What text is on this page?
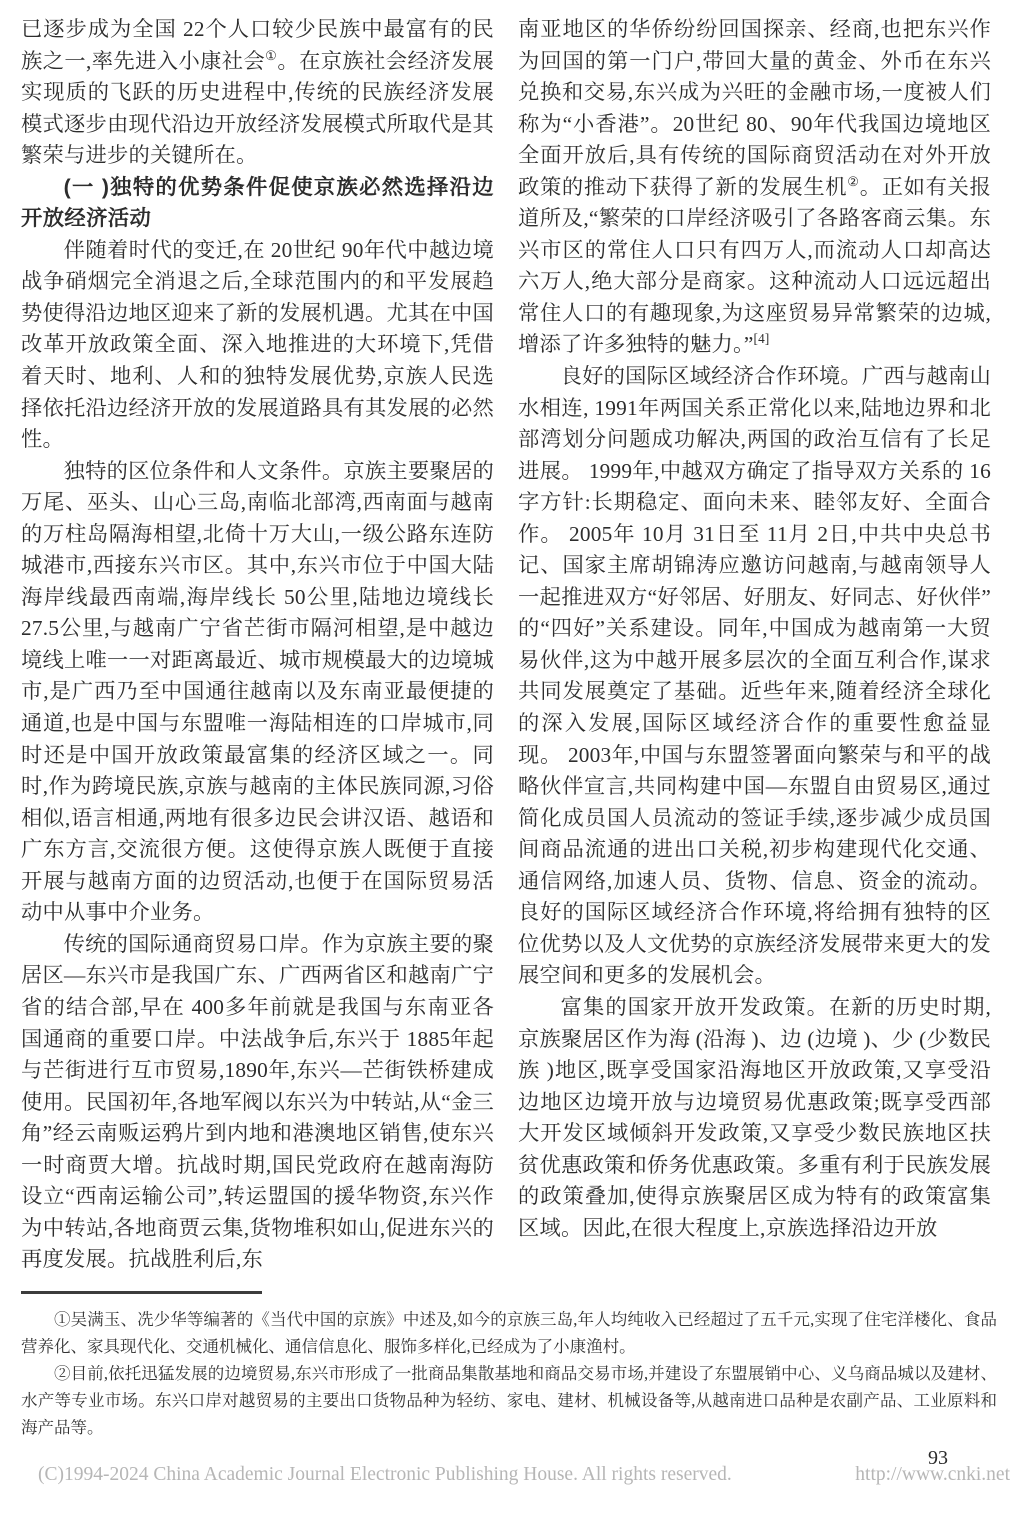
已逐步成为全国 22个人口较少民族中最富有的民族之一,率先进入小康社会①。在京族社会经济发展实现质的飞跃的历史进程中,传统的民族经济发展模式逐步由现代沿边开放经济发展模式所取代是其繁荣与进步的关键所在。

(一 )独特的优势条件促使京族必然选择沿边开放经济活动

伴随着时代的变迁,在 20世纪 90年代中越边境战争硝烟完全消退之后,全球范围内的和平发展趋势使得沿边地区迎来了新的发展机遇。尤其在中国改革开放政策全面、深入地推进的大环境下,凭借着天时、地利、人和的独特发展优势,京族人民选择依托沿边经济开放的发展道路具有其发展的必然性。

独特的区位条件和人文条件。京族主要聚居的万尾、巫头、山心三岛,南临北部湾,西南面与越南的万柱岛隔海相望,北倚十万大山,一级公路东连防城港市,西接东兴市区。其中,东兴市位于中国大陆海岸线最西南端,海岸线长 50公里,陆地边境线长 27.5公里,与越南广宁省芒街市隔河相望,是中越边境线上唯一一对距离最近、城市规模最大的边境城市,是广西乃至中国通往越南以及东南亚最便捷的通道,也是中国与东盟唯一海陆相连的口岸城市,同时还是中国开放政策最富集的经济区域之一。同时,作为跨境民族,京族与越南的主体民族同源,习俗相似,语言相通,两地有很多边民会讲汉语、越语和广东方言,交流很方便。这使得京族人既便于直接开展与越南方面的边贸活动,也便于在国际贸易活动中从事中介业务。

传统的国际通商贸易口岸。作为京族主要的聚居区—东兴市是我国广东、广西两省区和越南广宁省的结合部,早在 400多年前就是我国与东南亚各国通商的重要口岸。中法战争后,东兴于 1885年起与芒街进行互市贸易,1890年,东兴—芒街铁桥建成使用。民国初年,各地军阀以东兴为中转站,从“金三角”经云南贩运鸦片到内地和港澳地区销售,使东兴一时商贾大增。抗战时期,国民党政府在越南海防设立“西南运输公司”,转运盟国的援华物资,东兴作为中转站,各地商贾云集,货物堆积如山,促进东兴的再度发展。抗战胜利后,东

南亚地区的华侨纷纷回国探亲、经商,也把东兴作为回国的第一门户,带回大量的黄金、外币在东兴兑换和交易,东兴成为兴旺的金融市场,一度被人们称为“小香港”。20世纪 80、90年代我国边境地区全面开放后,具有传统的国际商贸活动在对外开放政策的推动下获得了新的发展生机②。正如有关报道所及,“繁荣的口岸经济吸引了各路客商云集。东兴市区的常住人口只有四万人,而流动人口却高达六万人,绝大部分是商家。这种流动人口远远超出常住人口的有趣现象,为这座贸易异常繁荣的边城,增添了许多独特的魅力。”[4]

良好的国际区域经济合作环境。广西与越南山水相连, 1991年两国关系正常化以来,陆地边界和北部湾划分问题成功解决,两国的政治互信有了长足进展。 1999年,中越双方确定了指导双方关系的 16字方针:长期稳定、面向未来、睦邻友好、全面合作。 2005年 10月 31日至 11月 2日,中共中央总书记、国家主席胡锦涛应邀访问越南,与越南领导人一起推进双方“好邻居、好朋友、好同志、好伙伴”的“四好”关系建设。同年,中国成为越南第一大贸易伙伴,这为中越开展多层次的全面互利合作,谋求共同发展奠定了基础。近些年来,随着经济全球化的深入发展,国际区域经济合作的重要性愈益显现。 2003年,中国与东盟签署面向繁荣与和平的战略伙伴宣言,共同构建中国—东盟自由贸易区,通过简化成员国人员流动的签证手续,逐步减少成员国间商品流通的进出口关税,初步构建现代化交通、通信网络,加速人员、货物、信息、资金的流动。良好的国际区域经济合作环境,将给拥有独特的区位优势以及人文优势的京族经济发展带来更大的发展空间和更多的发展机会。

富集的国家开放开发政策。在新的历史时期,京族聚居区作为海 (沿海 )、边 (边境 )、少 (少数民族 )地区,既享受国家沿海地区开放政策,又享受沿边地区边境开放与边境贸易优惠政策;既享受西部大开发区域倾斜开发政策,又享受少数民族地区扶贫优惠政策和侨务优惠政策。多重有利于民族发展的政策叠加,使得京族聚居区成为特有的政策富集区域。因此,在很大程度上,京族选择沿边开放

①吴满玉、冼少华等编著的《当代中国的京族》中述及,如今的京族三岛,年人均纯收入已经超过了五千元,实现了住宅洋楼化、食品营养化、家具现代化、交通机械化、通信信息化、服饰多样化,已经成为了小康渔村。

②目前,依托迅猛发展的边境贸易,东兴市形成了一批商品集散基地和商品交易市场,并建设了东盟展销中心、义乌商品城以及建材、水产等专业市场。东兴口岸对越贸易的主要出口货物品种为轻纺、家电、建材、机械设备等,从越南进口品种是农副产品、工业原料和海产品等。

93
(C)1994-2024 China Academic Journal Electronic Publishing House. All rights reserved.	http://www.cnki.net
